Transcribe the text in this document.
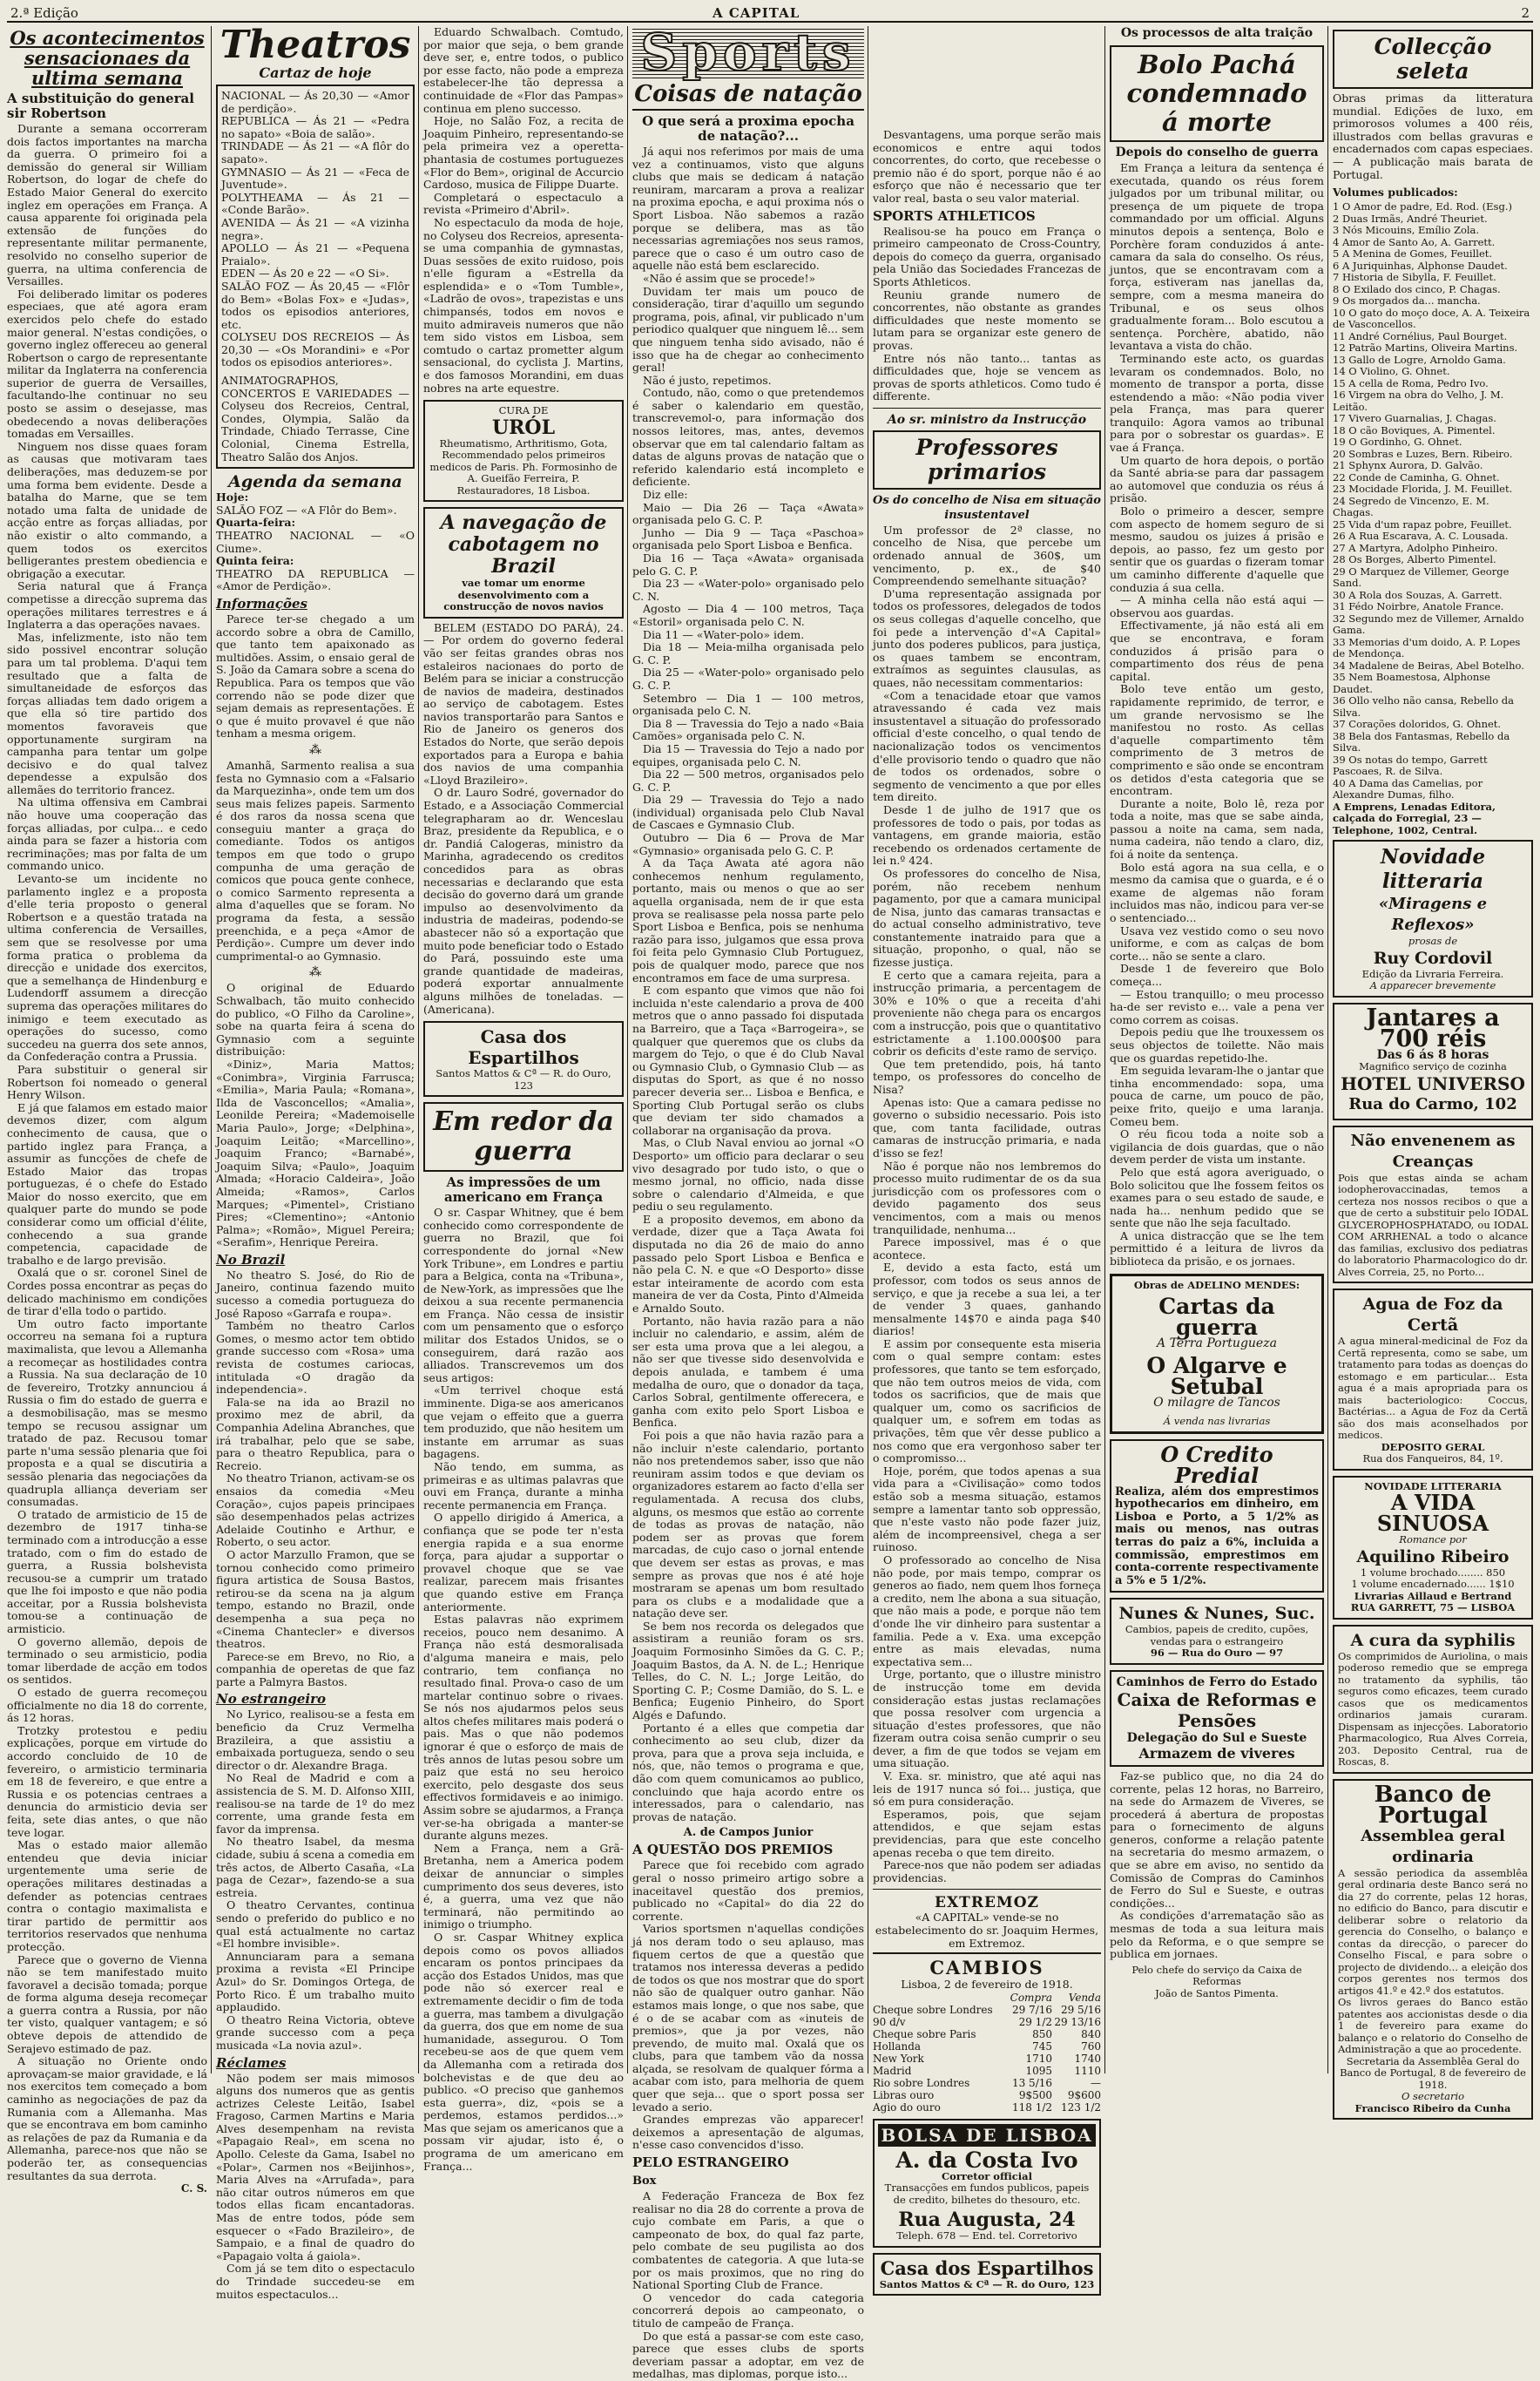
2.ª Edição	A CAPITAL	2
Os acontecimentos sensacionaes da ultima semana
A substituição do general sir Robertson

Durante a semana occorreram dois factos importantes na marcha da guerra. O primeiro foi a demissão do general sir William Robertson, do logar de chefe do Estado Maior General do exercito inglez em operações em França. A causa apparente foi originada pela extensão de funções do representante militar permanente, resolvido no conselho superior de guerra, na ultima conferencia de Versailles.

Foi deliberado limitar os poderes especiaes, que até agora eram exercidos pelo chefe do estado maior general. N'estas condições, o governo inglez offereceu ao general Robertson o cargo de representante militar da Inglaterra na conferencia superior de guerra de Versailles, facultando-lhe continuar no seu posto se assim o desejasse, mas obedecendo a novas deliberações tomadas em Versailles.

Ninguem nos disse quaes foram as causas que motivaram taes deliberações, mas deduzem-se por uma forma bem evidente. Desde a batalha do Marne, que se tem notado uma falta de unidade de acção entre as forças alliadas, por não existir o alto commando, a quem todos os exercitos belligerantes prestem obediencia e obrigação a executar.

Seria natural que á França competisse a direcção suprema das operações militares terrestres e á Inglaterra a das operações navaes.

Mas, infelizmente, isto não tem sido possivel encontrar solução para um tal problema. D'aqui tem resultado que a falta de simultaneidade de esforços das forças alliadas tem dado origem a que ella só tire partido dos momentos favoraveis que opportunamente surgiram na campanha para tentar um golpe decisivo e do qual talvez dependesse a expulsão dos allemães do territorio francez.

Na ultima offensiva em Cambrai não houve uma cooperação das forças alliadas, por culpa... e cedo ainda para se fazer a historia com recriminações; mas por falta de um commando unico.

Levanto-se um incidente no parlamento inglez e a proposta d'elle teria proposto o general Robertson e a questão tratada na ultima conferencia de Versailles, sem que se resolvesse por uma forma pratica o problema da direcção e unidade dos exercitos, que a semelhança de Hindenburg e Ludendorff assumem a direcção suprema das operações militares do inimigo e teem executado as operações do sucesso, como succedeu na guerra dos sete annos, da Confederação contra a Prussia.

Para substituir o general sir Robertson foi nomeado o general Henry Wilson.

E já que falamos em estado maior devemos dizer, com algum conhecimento de causa, que o partido inglez para França, a assumir as funcções de chefe de Estado Maior das tropas portuguezas, é o chefe do Estado Maior do nosso exercito, que em qualquer parte do mundo se pode considerar como um official d'élite, conhecendo a sua grande competencia, capacidade de trabalho e de largo previsão.

Oxalá que o sr. coronel Sinel de Cordes possa encontrar as peças do delicado machinismo em condições de tirar d'ella todo o partido.

Um outro facto importante occorreu na semana foi a ruptura maximalista, que levou a Allemanha a recomeçar as hostilidades contra a Russia. Na sua declaração de 10 de fevereiro, Trotzky annunciou á Russia o fim do estado de guerra e a desmobilisação, mas se mesmo tempo se recusou assignar um tratado de paz. Recusou tomar parte n'uma sessão plenaria que foi proposta e a qual se discutiria a sessão plenaria das negociações da quadrupla alliança deveriam ser consumadas.

O tratado de armisticio de 15 de dezembro de 1917 tinha-se terminado com a introducção a esse tratado, com o fim do estado de guerra, a Russia bolshevista recusou-se a cumprir um tratado que lhe foi imposto e que não podia acceitar, por a Russia bolshevista tomou-se a continuação de armisticio.

O governo allemão, depois de terminado o seu armisticio, podia tomar liberdade de acção em todos os sentidos.

O estado de guerra recomeçou officialmente no dia 18 do corrente, ás 12 horas.

Trotzky protestou e pediu explicações, porque em virtude do accordo concluido de 10 de fevereiro, o armisticio terminaria em 18 de fevereiro, e que entre a Russia e os potencias centraes a denuncia do armisticio devia ser feita, sete dias antes, o que não teve logar.

Mas o estado maior allemão entendeu que devia iniciar urgentemente uma serie de operações militares destinadas a defender as potencias centraes contra o contagio maximalista e tirar partido de permittir aos territorios reservados que nenhuma protecção.

Parece que o governo de Vienna não se tem manifestado muito favoravel a decisão tomada; porque de forma alguma deseja recomeçar a guerra contra a Russia, por não ter visto, qualquer vantagem; e só obteve depois de attendido de Serajevo estimado de paz.

A situação no Oriente ondo aprovaçam-se maior gravidade, e lá nos exercitos tem começado a bom caminho as negociações de paz da Rumania com a Allemanha. Mas que se encontrava em bom caminho as relações de paz da Rumania e da Allemanha, parece-nos que não se poderão ter, as consequencias resultantes da sua derrota.

C. S.
Theatros
Cartaz de hoje
NACIONAL — Ás 20,30 — «Amor de perdição».
REPUBLICA — Ás 21 — «Pedra no sapato» «Boia de salão».
TRINDADE — Ás 21 — «A flôr do sapato».
GYMNASIO — Ás 21 — «Feca de Juventude».
POLYTHEAMA — Ás 21 — «Conde Barão».
AVENIDA — Ás 21 — «A vizinha negra».
APOLLO — Ás 21 — «Pequena Praialo».
EDEN — Ás 20 e 22 — «O Si».
SALÃO FOZ — Ás 20,45 — «Flôr do Bem» «Bolas Fox» e «Judas», todos os episodios anteriores, etc.
COLYSEU DOS RECREIOS — Ás 20,30 — «Os Morandini» e «Por todos os episodios anteriores».
ANIMATOGRAPHOS, CONCERTOS E VARIEDADES — Colyseu dos Recreios, Central, Condes, Olympia, Salão da Trindade, Chiado Terrasse, Cine Colonial, Cinema Estrella, Theatro Salão dos Anjos.
Agenda da semana
Hoje:
SALÃO FOZ — «A Flôr do Bem».
Quarta-feira:
THEATRO NACIONAL — «O Ciume».
Quinta feira:
THEATRO DA REPUBLICA — «Amor de Perdição».
Informações

Parece ter-se chegado a um accordo sobre a obra de Camillo, que tanto tem apaixonado as multidões. Assim, o ensaio geral de S. João da Camara sobre a scena do Republica. Para os tempos que vão correndo não se pode dizer que sejam demais as representações. É o que é muito provavel é que não tenham a mesma origem.

⁂

Amanhã, Sarmento realisa a sua festa no Gymnasio com a «Falsario da Marquezinha», onde tem um dos seus mais felizes papeis. Sarmento é dos raros da nossa scena que conseguiu manter a graça do comediante. Todos os antigos tempos em que todo o grupo compunha de uma geração de comicos que pouca gente conhece, o comico Sarmento representa a alma d'aquelles que se foram. No programa da festa, a sessão preenchida, e a peça «Amor de Perdição». Cumpre um dever indo cumprimental-o ao Gymnasio.

⁂

O original de Eduardo Schwalbach, tão muito conhecido do publico, «O Filho da Caroline», sobe na quarta feira á scena do Gymnasio com a seguinte distribuição:

«Diniz», Maria Mattos; «Conimbra», Virginia Farrusca; «Emilia», Maria Paula; «Romana», Ilda de Vasconcellos; «Amalia», Leonilde Pereira; «Mademoiselle Maria Paulo», Jorge; «Delphina», Joaquim Leitão; «Marcellino», Joaquim Franco; «Barnabé», Joaquim Silva; «Paulo», Joaquim Almada; «Horacio Caldeira», João Almeida; «Ramos», Carlos Marques; «Pimentel», Cristiano Pires; «Clementino»; «Antonio Palma»; «Romão», Miguel Pereira; «Serafim», Henrique Pereira.

No Brazil

No theatro S. José, do Rio de Janeiro, continua fazendo muito sucesso a comedia portugueza do José Raposo «Garrafa e roupa».

Também no theatro Carlos Gomes, o mesmo actor tem obtido grande successo com «Rosa» uma revista de costumes cariocas, intitulada «O dragão da independencia».

Fala-se na ida ao Brazil no proximo mez de abril, da Companhia Adelina Abranches, que irá trabalhar, pelo que se sabe, para o theatro Republica, para o Recreio.

No theatro Trianon, activam-se os ensaios da comedia «Meu Coração», cujos papeis principaes são desempenhados pelas actrizes Adelaide Coutinho e Arthur, e Roberto, o seu actor.

O actor Marzullo Framon, que se tornou conhecido como primeiro figura artistica de Sousa Bastos, retirou-se da scena na ja algum tempo, estando no Brazil, onde desempenha a sua peça no «Cinema Chantecler» e diversos theatros.

Parece-se em Brevo, no Rio, a companhia de operetas de que faz parte a Palmyra Bastos.

No estrangeiro

No Lyrico, realisou-se a festa em beneficio da Cruz Vermelha Brazileira, a que assistiu a embaixada portugueza, sendo o seu director o dr. Alexandre Braga.

No Real de Madrid e com a assistencia de S. M. D. Alfonso XIII, realisou-se na tarde de 1º do mez corrente, uma grande festa em favor da imprensa.

No theatro Isabel, da mesma cidade, subiu á scena a comedia em três actos, de Alberto Casaña, «La paga de Cezar», fazendo-se a sua estreia.

O theatro Cervantes, continua sendo o preferido do publico e no qual está actualmente no cartaz «El hombre invisible».

Annunciaram para a semana proxima a revista «El Principe Azul» do Sr. Domingos Ortega, de Porto Rico. É um trabalho muito applaudido.

O theatro Reina Victoria, obteve grande successo com a peça musicada «La novia azul».

Réclames

Não podem ser mais mimosos alguns dos numeros que as gentis actrizes Celeste Leitão, Isabel Fragoso, Carmen Martins e Maria Alves desempenham na revista «Papagaio Real», em scena no Apollo. Celeste da Gama, Isabel no «Polar», Carmen nos «Beijinhos», Maria Alves na «Arrufada», para não citar outros números em que todos ellas ficam encantadoras. Mas de entre todos, póde sem esquecer o «Fado Brazileiro», de Sampaio, e a final de quadro do «Papagaio volta á gaiola».

Com já se tem dito o espectaculo do Trindade succedeu-se em muitos espectaculos...

Eduardo Schwalbach. Comtudo, por maior que seja, o bem grande deve ser, e, entre todos, o publico por esse facto, não pode a empreza estabelecer-lhe tão depressa a continuidade de «Flor das Pampas» continua em pleno successo.

Hoje, no Salão Foz, a recita de Joaquim Pinheiro, representando-se pela primeira vez a operetta-phantasia de costumes portuguezes «Flor do Bem», original de Accurcio Cardoso, musica de Filippe Duarte.

Completará o espectaculo a revista «Primeiro d'Abril».

No espectaculo da moda de hoje, no Colyseu dos Recreios, apresenta-se uma companhia de gymnastas, Duas sessões de exito ruidoso, pois n'elle figuram a «Estrella da esplendida» e o «Tom Tumble», «Ladrão de ovos», trapezistas e uns chimpansés, todos em novos e muito admiraveis numeros que não tem sido vistos em Lisboa, sem comtudo o cartaz prometter algum sensacional, do cyclista J. Martins, e dos famosos Morandini, em duas nobres na arte equestre.

CURA DE
URÓL
Rheumatismo, Arthritismo, Gota, Recommendado pelos primeiros medicos de Paris. Ph. Formosinho de A. Gueifão Ferreira, P. Restauradores, 18 Lisboa.
A navegação de cabotagem no Brazil
vae tomar um enorme desenvolvimento com a construcção de novos navios

BELEM (ESTADO DO PARÁ), 24. — Por ordem do governo federal vão ser feitas grandes obras nos estaleiros nacionaes do porto de Belém para se iniciar a construcção de navios de madeira, destinados ao serviço de cabotagem. Estes navios transportarão para Santos e Rio de Janeiro os generos dos Estados do Norte, que serão depois exportados para a Europa e bahia dos navios de uma companhia «Lloyd Brazileiro».

O dr. Lauro Sodré, governador do Estado, e a Associação Commercial telegrapharam ao dr. Wenceslau Braz, presidente da Republica, e o dr. Pandiá Calogeras, ministro da Marinha, agradecendo os creditos concedidos para as obras necessarias e declarando que esta decisão do governo dará um grande impulso ao desenvolvimento da industria de madeiras, podendo-se abastecer não só a exportação que muito pode beneficiar todo o Estado do Pará, possuindo este uma grande quantidade de madeiras, poderá exportar annualmente alguns milhões de toneladas. — (Americana).

Casa dos Espartilhos
Santos Mattos & Cª — R. do Ouro, 123
Em redor da guerra
As impressões de um americano em França

O sr. Caspar Whitney, que é bem conhecido como correspondente de guerra no Brazil, que foi correspondente do jornal «New York Tribune», em Londres e partiu para a Belgica, conta na «Tribuna», de New-York, as impressões que lhe deixou a sua recente permanencia em França. Não cessa de insistir com um pensamento que o esforço militar dos Estados Unidos, se o conseguirem, dará razão aos alliados. Transcrevemos um dos seus artigos:

«Um terrivel choque está imminente. Diga-se aos americanos que vejam o effeito que a guerra tem produzido, que não hesitem um instante em arrumar as suas bagagens.

Não tendo, em summa, as primeiras e as ultimas palavras que ouvi em França, durante a minha recente permanencia em França.

O appello dirigido á America, a confiança que se pode ter n'esta energia rapida e a sua enorme força, para ajudar a supportar o provavel choque que se vae realizar, parecem mais frisantes que quando estive em França anteriormente.

Estas palavras não exprimem receios, pouco nem desanimo. A França não está desmoralisada d'alguma maneira e mais, pelo contrario, tem confiança no resultado final. Prova-o caso de um martelar continuo sobre o rivaes. Se nós nos ajudarmos pelos seus altos chefes militares mais poderá o pais. Mas o que não podemos ignorar é que o esforço de mais de três annos de lutas pesou sobre um paiz que está no seu heroico exercito, pelo desgaste dos seus effectivos formidaveis e ao inimigo. Assim sobre se ajudarmos, a França ver-se-ha obrigada a manter-se durante alguns mezes.

Nem a França, nem a Grã-Bretanha, nem a America podem deixar de annunciar o simples cumprimento dos seus deveres, isto é, a guerra, uma vez que não terminará, não permitindo ao inimigo o triumpho.

O sr. Caspar Whitney explica depois como os povos alliados encaram os pontos principaes da acção dos Estados Unidos, mas que pode não só exercer real e extremamente decidir o fim de toda a guerra, mas tambem a divulgação da guerra, dos que em nome de sua humanidade, assegurou. O Tom recebeu-se aos de que quem vem da Allemanha com a retirada dos bolchevistas e de que deu ao publico. «O preciso que ganhemos esta guerra», diz, «pois se a perdemos, estamos perdidos...» Mas que sejam os americanos que a possam vir ajudar, isto é, o programa de um americano em França...

Sports
Coisas de natação
O que será a proxima epocha de natação?...

Já aqui nos referimos por mais de uma vez a continuamos, visto que alguns clubs que mais se dedicam á natação reuniram, marcaram a prova a realizar na proxima epocha, e aqui proxima nós o Sport Lisboa. Não sabemos a razão porque se delibera, mas as tão necessarias agremiações nos seus ramos, parece que o caso é um outro caso de aquelle não está bem esclarecido.

«Não é assim que se procede!»

Duvidam ter mais um pouco de consideração, tirar d'aquillo um segundo programa, pois, afinal, vir publicado n'um periodico qualquer que ninguem lê... sem que ninguem tenha sido avisado, não é isso que ha de chegar ao conhecimento geral!

Não é justo, repetimos.

Contudo, não, como o que pretendemos é saber o kalendario em questão, transcrevemol-o, para informação dos nossos leitores, mas, antes, devemos observar que em tal calendario faltam as datas de alguns provas de natação que o referido kalendario está incompleto e deficiente.

Diz elle:

Maio — Dia 26 — Taça «Awata» organisada pelo G. C. P.

Junho — Dia 9 — Taça «Paschoa» organisada pelo Sport Lisboa e Benfica.

Dia 16 — Taça «Awata» organisada pelo G. C. P.

Dia 23 — «Water-polo» organisado pelo C. N.

Agosto — Dia 4 — 100 metros, Taça «Estoril» organisada pelo C. N.

Dia 11 — «Water-polo» idem.

Dia 18 — Meia-milha organisada pelo G. C. P.

Dia 25 — «Water-polo» organisado pelo G. C. P.

Setembro — Dia 1 — 100 metros, organisada pelo C. N.

Dia 8 — Travessia do Tejo a nado «Baia Camões» organisada pelo C. N.

Dia 15 — Travessia do Tejo a nado por equipes, organisada pelo C. N.

Dia 22 — 500 metros, organisados pelo G. C. P.

Dia 29 — Travessia do Tejo a nado (individual) organisada pelo Club Naval de Cascaes e Gymnasio Club.

Outubro — Dia 6 — Prova de Mar «Gymnasio» organisada pelo G. C. P.

A da Taça Awata até agora não conhecemos nenhum regulamento, portanto, mais ou menos o que ao ser aquella organisada, nem de ir que esta prova se realisasse pela nossa parte pelo Sport Lisboa e Benfica, pois se nenhuma razão para isso, julgamos que essa prova foi feita pelo Gymnasio Club Portuguez, pois de qualquer modo, parece que nos encontramos em face de uma surpresa.

E com espanto que vimos que não foi incluida n'este calendario a prova de 400 metros que o anno passado foi disputada na Barreiro, que a Taça «Barrogeira», se qualquer que queremos que os clubs da margem do Tejo, o que é do Club Naval ou Gymnasio Club, o Gymnasio Club — as disputas do Sport, as que é no nosso parecer deveria ser... Lisboa e Benfica, e Sporting Club Portugal serão os clubs que deviam ter sido chamados a collaborar na organisação da prova.

Mas, o Club Naval enviou ao jornal «O Desporto» um officio para declarar o seu vivo desagrado por tudo isto, o que o mesmo jornal, no officio, nada disse sobre o calendario d'Almeida, e que pediu o seu regulamento.

E a proposito devemos, em abono da verdade, dizer que a Taça Awata foi disputada no dia 26 de maio do anno passado pelo Sport Lisboa e Benfica e não pela C. N. e que «O Desporto» disse estar inteiramente de acordo com esta maneira de ver da Costa, Pinto d'Almeida e Arnaldo Souto.

Portanto, não havia razão para a não incluir no calendario, e assim, além de ser esta uma prova que a lei alegou, a não ser que tivesse sido desenvolvida e depois anulada, e tambem é uma medalha de ouro, que o donador da taça, Carlos Sobral, gentilmente offerecera, e ganha com exito pelo Sport Lisboa e Benfica.

Foi pois a que não havia razão para a não incluir n'este calendario, portanto não nos pretendemos saber, isso que não reuniram assim todos e que deviam os organizadores estarem ao facto d'ella ser regulamentada. A recusa dos clubs, alguns, os mesmos que estão ao corrente de todas as provas de natação, não podem ser as provas que forem marcadas, de cujo caso o jornal entende que devem ser estas as provas, e mas sempre as provas que nos é até hoje mostraram se apenas um bom resultado para os clubs e a modalidade que a natação deve ser.

Se bem nos recorda os delegados que assistiram a reunião foram os srs. Joaquim Formosinho Simões da G. C. P.; Joaquim Bastos, da A. N. de L.; Henrique Telles, do C. N. L.; Jorge Leitão, do Sporting C. P.; Cosme Damião, do S. L. e Benfica; Eugenio Pinheiro, do Sport Algés e Dafundo.

Portanto é a elles que competia dar conhecimento ao seu club, dizer da prova, para que a prova seja incluida, e nós, que, não temos o programa e que, dão com quem comunicamos ao publico, concluindo que haja acordo entre os interessados, para o calendario, nas provas de natação.

A. de Campos Junior
A QUESTÃO DOS PREMIOS

Parece que foi recebido com agrado geral o nosso primeiro artigo sobre a inaceitavel questão dos premios, publicado no «Capital» do dia 22 do corrente.

Varios sportsmen n'aquellas condições já nos deram todo o seu aplauso, mas fiquem certos de que a questão que tratamos nos interessa deveras a pedido de todos os que nos mostrar que do sport não são de qualquer outro ganhar. Não estamos mais longe, o que nos sabe, que é o de se acabar com as «inuteis de premios», que ja por vezes, não prevendo, de muito mal. Oxalá que os clubs, para que tambem vão da nossa alçada, se resolvam de qualquer fórma a acabar com isto, para melhoria de quem quer que seja... que o sport possa ser levado a serio.

Grandes emprezas vão apparecer! deixemos a apresentação de algumas, n'esse caso convencidos d'isso.

PELO ESTRANGEIRO
Box

A Federação Franceza de Box fez realisar no dia 28 do corrente a prova de cujo combate em Paris, a que o campeonato de box, do qual faz parte, pelo combate de seu pugilista ao dos combatentes de categoria. A que luta-se por os mais proximos, que no ring do National Sporting Club de France.

O vencedor do cada categoria concorrerá depois ao campeonato, o titulo de campeão de França.

Do que está a passar-se com este caso, parece que esses clubs de sports deveriam passar a adoptar, em vez de medalhas, mas diplomas, porque isto...

Desvantagens, uma porque serão mais economicos e entre aqui todos concorrentes, do corto, que recebesse o premio não é do sport, porque não é ao esforço que não é necessario que ter valor real, basta o seu valor material.

SPORTS ATHLETICOS

Realisou-se ha pouco em França o primeiro campeonato de Cross-Country, depois do começo da guerra, organisado pela União das Sociedades Francezas de Sports Athleticos.

Reuniu grande numero de concorrentes, não obstante as grandes difficuldades que neste momento se lutam para se organizar este genero de provas.

Entre nós não tanto... tantas as difficuldades que, hoje se vencem as provas de sports athleticos. Como tudo é differente.

Ao sr. ministro da Instrucção
Professores primarios
Os do concelho de Nisa em situação insustentavel

Um professor de 2ª classe, no concelho de Nisa, que percebe um ordenado annual de 360$, um vencimento, p. ex., de $40 Compreendendo semelhante situação?

D'uma representação assignada por todos os professores, delegados de todos os seus collegas d'aquelle concelho, que foi pede a intervenção d'«A Capital» junto dos poderes publicos, para justiça, os quaes tambem se encontram, extraímos as seguintes clausulas, as quaes, não necessitam commentarios:

«Com a tenacidade etoar que vamos atravessando é cada vez mais insustentavel a situação do professorado official d'este concelho, o qual tendo de nacionalização todos os vencimentos d'elle provisorio tendo o quadro que não de todos os ordenados, sobre o segmento de vencimento a que por elles tem direito.

Desde 1 de julho de 1917 que os professores de todo o pais, por todas as vantagens, em grande maioria, estão recebendo os ordenados certamente de lei n.º 424.

Os professores do concelho de Nisa, porém, não recebem nenhum pagamento, por que a camara municipal de Nisa, junto das camaras transactas e do actual conselho administrativo, teve constantemente inatraido para que a situação, proponho, o qual, não se fizesse justiça.

E certo que a camara rejeita, para a instrucção primaria, a percentagem de 30% e 10% o que a receita d'ahi proveniente não chega para os encargos com a instrucção, pois que o quantitativo estrictamente a 1.100.000$00 para cobrir os deficits d'este ramo de serviço.

Que tem pretendido, pois, há tanto tempo, os professores do concelho de Nisa?

Apenas isto: Que a camara pedisse no governo o subsidio necessario. Pois isto que, com tanta facilidade, outras camaras de instrucção primaria, e nada d'isso se fez!

Não é porque não nos lembremos do processo muito rudimentar de os da sua jurisdicção com os professores com o devido pagamento dos seus vencimentos, com a mais ou menos tranquilidade, nenhuma...

Parece impossivel, mas é o que acontece.

E, devido a esta facto, está um professor, com todos os seus annos de serviço, e que ja recebe a sua lei, a ter de vender 3 quaes, ganhando mensalmente 14$70 e ainda paga $40 diarios!

E assim por consequente esta miseria com o qual sempre contam: estes professores, que tanto se tem esforçado, que não tem outros meios de vida, com todos os sacrificios, que de mais que qualquer um, como os sacrificios de qualquer um, e sofrem em todas as privações, têm que vêr desse publico a nos como que era vergonhoso saber ter o compromisso...

Hoje, porém, que todos apenas a sua vida para a «Civilisação» como todos estão sob a mesma situação, estamos sempre a lamentar tanto sob oppressão, que n'este vasto não pode fazer juiz, além de incompreensivel, chega a ser ruinoso.

O professorado ao concelho de Nisa não pode, por mais tempo, comprar os generos ao fiado, nem quem lhos forneça a credito, nem lhe abona a sua situação, que não mais a pode, e porque não tem d'onde lhe vir dinheiro para sustentar a familia. Pede a v. Exa. uma excepção entre as mais elevadas, numa expectativa sem...

Urge, portanto, que o illustre ministro de instrucção tome em devida consideração estas justas reclamações que possa resolver com urgencia a situação d'estes professores, que não fizeram outra coisa senão cumprir o seu dever, a fim de que todos se vejam em uma situação.

V. Exa. sr. ministro, que até aqui nas leis de 1917 nunca só foi... justiça, que só em pura consideração.

Esperamos, pois, que sejam attendidos, e que sejam estas previdencias, para que este concelho apenas receba o que tem direito.

Parece-nos que não podem ser adiadas providencias.

EXTREMOZ
«A CAPITAL» vende-se no estabelecimento do sr. Joaquim Hermes, em Extremoz.
CAMBIOS
Lisboa, 2 de fevereiro de 1918.
Compra	Venda
Cheque sobre Londres	29 7/16 29 5/16
90 d/v	29 1/2 29 13/16
Cheque sobre Paris	850	840
Hollanda	745	760
New York	1710	1740
Madrid	1095	1110
Rio sobre Londres	13 5/16	—
Libras ouro	9$500	9$600
Agio do ouro	118 1/2 123 1/2
BOLSA DE LISBOA
A. da Costa Ivo
Corretor official
Transacções em fundos publicos, papeis de credito, bilhetes do thesouro, etc.
Rua Augusta, 24
Teleph. 678 — End. tel. Corretorivo
Casa dos Espartilhos
Santos Mattos & Cª — R. do Ouro, 123
Os processos de alta traição
Bolo Pachá condemnado á morte
Depois do conselho de guerra

Em França a leitura da sentença é executada, quando os réus forem julgados por um tribunal militar, ou presença de um piquete de tropa commandado por um official. Alguns minutos depois a sentença, Bolo e Porchère foram conduzidos á ante-camara da sala do conselho. Os réus, juntos, que se encontravam com a força, estiveram nas janellas da, sempre, com a mesma maneira do Tribunal, e os seus olhos gradualmente foram... Bolo escutou a sentença. Porchère, abatido, não levantava a vista do chão.

Terminando este acto, os guardas levaram os condemnados. Bolo, no momento de transpor a porta, disse estendendo a mão: «Não podia viver pela França, mas para querer tranquilo: Agora vamos ao tribunal para por o sobrestar os guardas». E vae á França.

Um quarto de hora depois, o portão da Santé abria-se para dar passagem ao automovel que conduzia os réus á prisão.

Bolo o primeiro a descer, sempre com aspecto de homem seguro de si mesmo, saudou os juizes á prisão e depois, ao passo, fez um gesto por sentir que os guardas o fizeram tomar um caminho differente d'aquelle que conduzia á sua cella.

— A minha cella não está aqui — observou aos guardas.

Effectivamente, já não está ali em que se encontrava, e foram conduzidos á prisão para o compartimento dos réus de pena capital.

Bolo teve então um gesto, rapidamente reprimido, de terror, e um grande nervosismo se lhe manifestou no rosto. As cellas d'aquelle compartimento têm comprimento de 3 metros de comprimento e são onde se encontram os detidos d'esta categoria que se encontram.

Durante a noite, Bolo lê, reza por toda a noite, mas que se sabe ainda, passou a noite na cama, sem nada, numa cadeira, não tendo a claro, diz, foi á noite da sentença.

Bolo está agora na sua cella, e o mesmo da camisa que o guarda, e é o exame de algemas não foram incluidos mas não, indicou para ver-se o sentenciado...

Usava vez vestido como o seu novo uniforme, e com as calças de bom corte... não se sente a claro.

Desde 1 de fevereiro que Bolo começa...

— Estou tranquillo; o meu processo ha-de ser revisto e... vale a pena ver como correm as coisas.

Depois pediu que lhe trouxessem os seus objectos de toilette. Não mais que os guardas repetido-lhe.

Em seguida levaram-lhe o jantar que tinha encommendado: sopa, uma pouca de carne, um pouco de pão, peixe frito, queijo e uma laranja. Comeu bem.

O réu ficou toda a noite sob a vigilancia de dois guardas, que o não devem perder de vista um instante.

Pelo que está agora averiguado, o Bolo solicitou que lhe fossem feitos os exames para o seu estado de saude, e nada ha... nenhum pedido que se sente que não lhe seja facultado.

A unica distracção que se lhe tem permittido é a leitura de livros da biblioteca da prisão, e os jornaes.

Obras de ADELINO MENDES:
Cartas da guerra
A Terra Portugueza
O Algarve e Setubal
O milagre de Tancos
Á venda nas livrarias
O Credito Predial
Realiza, além dos emprestimos hypothecarios em dinheiro, em Lisboa e Porto, a 5 1/2% as mais ou menos, nas outras terras do paiz a 6%, incluida a commissão, emprestimos em conta-corrente respectivamente a 5% e 5 1/2%.
Nunes & Nunes, Suc.
Cambios, papeis de credito, cupões, vendas para o estrangeiro
96 — Rua do Ouro — 97
Caminhos de Ferro do Estado
Caixa de Reformas e Pensões
Delegação do Sul e Sueste
Armazem de viveres

Faz-se publico que, no dia 24 do corrente, pelas 12 horas, no Barreiro, na sede do Armazem de Viveres, se procederá á abertura de propostas para o fornecimento de alguns generos, conforme a relação patente na secretaria do mesmo armazem, o que se abre em aviso, no sentido da Comissão de Compras do Caminhos de Ferro do Sul e Sueste, e outras condições...

As condições d'arrematação são as mesmas de toda a sua leitura mais pelo da Reforma, e o que sempre se publica em jornaes.

Pelo chefe do serviço da Caixa de Reformas
João de Santos Pimenta.
Collecção seleta
Obras primas da litteratura mundial. Edições de luxo, em primorosos volumes a 400 réis, illustrados com bellas gravuras e encadernados com capas especiaes. — A publicação mais barata de Portugal.
Volumes publicados:
1 O Amor de padre, Ed. Rod. (Esg.)
2 Duas Irmãs, André Theuriet.
3 Nós Micouins, Emílio Zola.
4 Amor de Santo Ao, A. Garrett.
5 A Menina de Gomes, Feuillet.
6 A Juriquinhas, Alphonse Daudet.
7 Historia de Sibylla, F. Feuillet.
8 O Exilado dos cinco, P. Chagas.
9 Os morgados da... mancha.
10 O gato do moço doce, A. A. Teixeira de Vasconcellos.
11 André Cornélius, Paul Bourget.
12 Patrão Martins, Oliveira Martins.
13 Gallo de Logre, Arnoldo Gama.
14 O Violino, G. Ohnet.
15 A cella de Roma, Pedro Ivo.
16 Virgem na obra do Velho, J. M. Leitão.
17 Vivero Guarnalias, J. Chagas.
18 O cão Boviques, A. Pimentel.
19 O Gordinho, G. Ohnet.
20 Sombras e Luzes, Bern. Ribeiro.
21 Sphynx Aurora, D. Galvão.
22 Conde de Caminha, G. Ohnet.
23 Mocidade Florida, J. M. Feuillet.
24 Segredo de Vincenzo, E. M. Chagas.
25 Vida d'um rapaz pobre, Feuillet.
26 A Rua Escarava, A. C. Lousada.
27 A Martyra, Adolpho Pinheiro.
28 Os Borges, Alberto Pimentel.
29 O Marquez de Villemer, George Sand.
30 A Rola dos Souzas, A. Garrett.
31 Fédo Noirbre, Anatole France.
32 Segundo mez de Villemer, Arnaldo Gama.
33 Memorias d'um doido, A. P. Lopes de Mendonça.
34 Madalene de Beiras, Abel Botelho.
35 Nem Boamestosa, Alphonse Daudet.
36 Ollo velho não cansa, Rebello da Silva.
37 Corações doloridos, G. Ohnet.
38 Bela dos Fantasmas, Rebello da Silva.
39 Os notas do tempo, Garrett Pascoaes, R. de Silva.
40 A Dama das Camelias, por Alexandre Dumas, filho.
A Emprens, Lenadas Editora, calçada do Forregial, 23 — Telephone, 1002, Central.
Novidade litteraria
«Miragens e Reflexos»
prosas de
Ruy Cordovil
Edição da Livraria Ferreira.
A apparecer brevemente
Jantares a 700 réis
Das 6 ás 8 horas
Magnifico serviço de cozinha
HOTEL UNIVERSO
Rua do Carmo, 102
Não envenenem as Creanças
Pois que estas ainda se acham iodopherovaccinadas, temos a certeza nos nossos recibos o que a que de certo a substituir pelo IODAL GLYCEROPHOSPHATADO, ou IODAL COM ARRHENAL a todo o alcance das familias, exclusivo dos pediatras do laboratorio Pharmacologico do dr. Alves Correia, 25, no Porto...
Agua de Foz da Certã
A agua mineral-medicinal de Foz da Certã representa, como se sabe, um tratamento para todas as doenças do estomago e em particular... Esta agua é a mais apropriada para os mais bacteriologico: Coccus, Bactérias... a Agua de Foz da Certã são dos mais aconselhados por medicos.
DEPOSITO GERAL
Rua dos Fanqueiros, 84, 1º.
NOVIDADE LITTERARIA
A VIDA SINUOSA
Romance por
Aquilino Ribeiro
1 volume brochado........ 850
1 volume encadernado...... 1$10
Livrarias Aillaud e Bertrand
RUA GARRETT, 75 — LISBOA
A cura da syphilis
Os comprimidos de Auriolina, o mais poderoso remedio que se emprega no tratamento da syphilis, tão seguros como eficazes, teem curado casos que os medicamentos ordinarios jamais curaram. Dispensam as injecções. Laboratorio Pharmacologico, Rua Alves Correia, 203. Deposito Central, rua de Roscas, 8.
Banco de Portugal
Assemblea geral ordinaria
A sessão periodica da assemblêa geral ordinaria deste Banco será no dia 27 do corrente, pelas 12 horas, no edificio do Banco, para discutir e deliberar sobre o relatorio da gerencia do Conselho, o balanço e contas da direcção, o parecer do Conselho Fiscal, e para sobre o projecto de dividendo... a eleição dos corpos gerentes nos termos dos artigos 41.º e 42.º dos estatutos.
Os livros geraes do Banco estão patentes aos accionistas desde o dia 1 de fevereiro para exame do balanço e o relatorio do Conselho de Administração a que ao procedente.
Secretaria da Assemblêa Geral do Banco de Portugal, 8 de fevereiro de 1918.
O secretario
Francisco Ribeiro da Cunha
